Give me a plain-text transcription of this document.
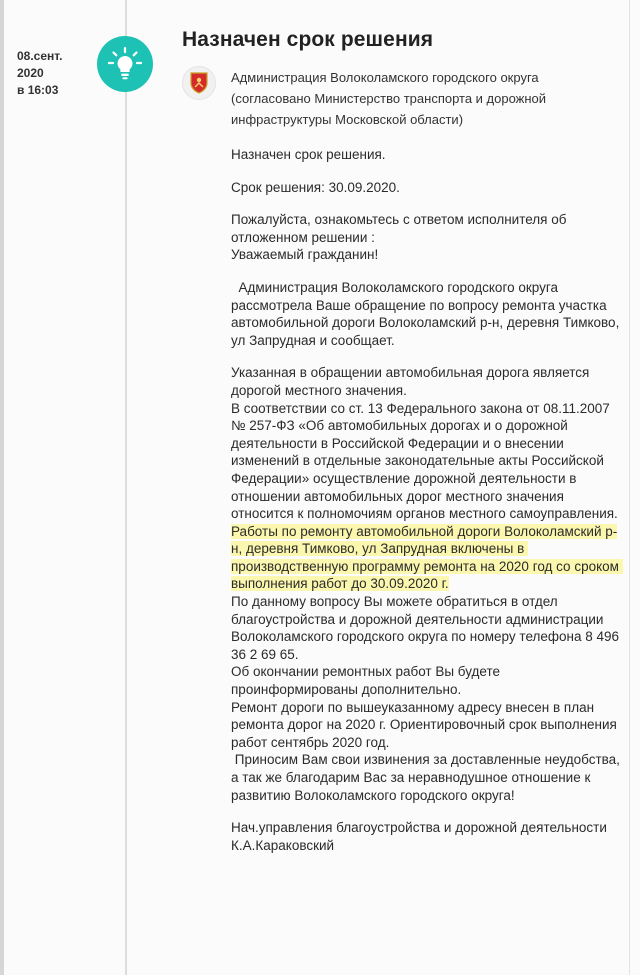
08.сент.
2020
в 16:03
Назначен срок решения
Администрация Волоколамского городского округа (согласовано Министерство транспорта и дорожной инфраструктуры Московской области)

Назначен срок решения.

Срок решения: 30.09.2020.

Пожалуйста, ознакомьтесь с ответом исполнителя об отложенном решении :
Уважаемый гражданин!

Администрация Волоколамского городского округа рассмотрела Ваше обращение по вопросу ремонта участка автомобильной дороги Волоколамский р-н, деревня Тимково, ул Запрудная и сообщает.

Указанная в обращении автомобильная дорога является дорогой местного значения.
В соответствии со ст. 13 Федерального закона от 08.11.2007 № 257-ФЗ «Об автомобильных дорогах и о дорожной деятельности в Российской Федерации и о внесении изменений в отдельные законодательные акты Российской Федерации» осуществление дорожной деятельности в отношении автомобильных дорог местного значения относится к полномочиям органов местного самоуправления.
Работы по ремонту автомобильной дороги Волоколамский р-н, деревня Тимково, ул Запрудная включены в производственную программу ремонта на 2020 год со сроком выполнения работ до 30.09.2020 г.
По данному вопросу Вы можете обратиться в отдел благоустройства и дорожной деятельности администрации Волоколамского городского округа по номеру телефона 8 496 36 2 69 65.
Об окончании ремонтных работ Вы будете проинформированы дополнительно.
Ремонт дороги по вышеуказанному адресу внесен в план ремонта дорог на 2020 г. Ориентировочный срок выполнения работ сентябрь 2020 год.
Приносим Вам свои извинения за доставленные неудобства, а так же благодарим Вас за неравнодушное отношение к развитию Волоколамского городского округа!

Нач.управления благоустройства и дорожной деятельности К.А.Караковский
